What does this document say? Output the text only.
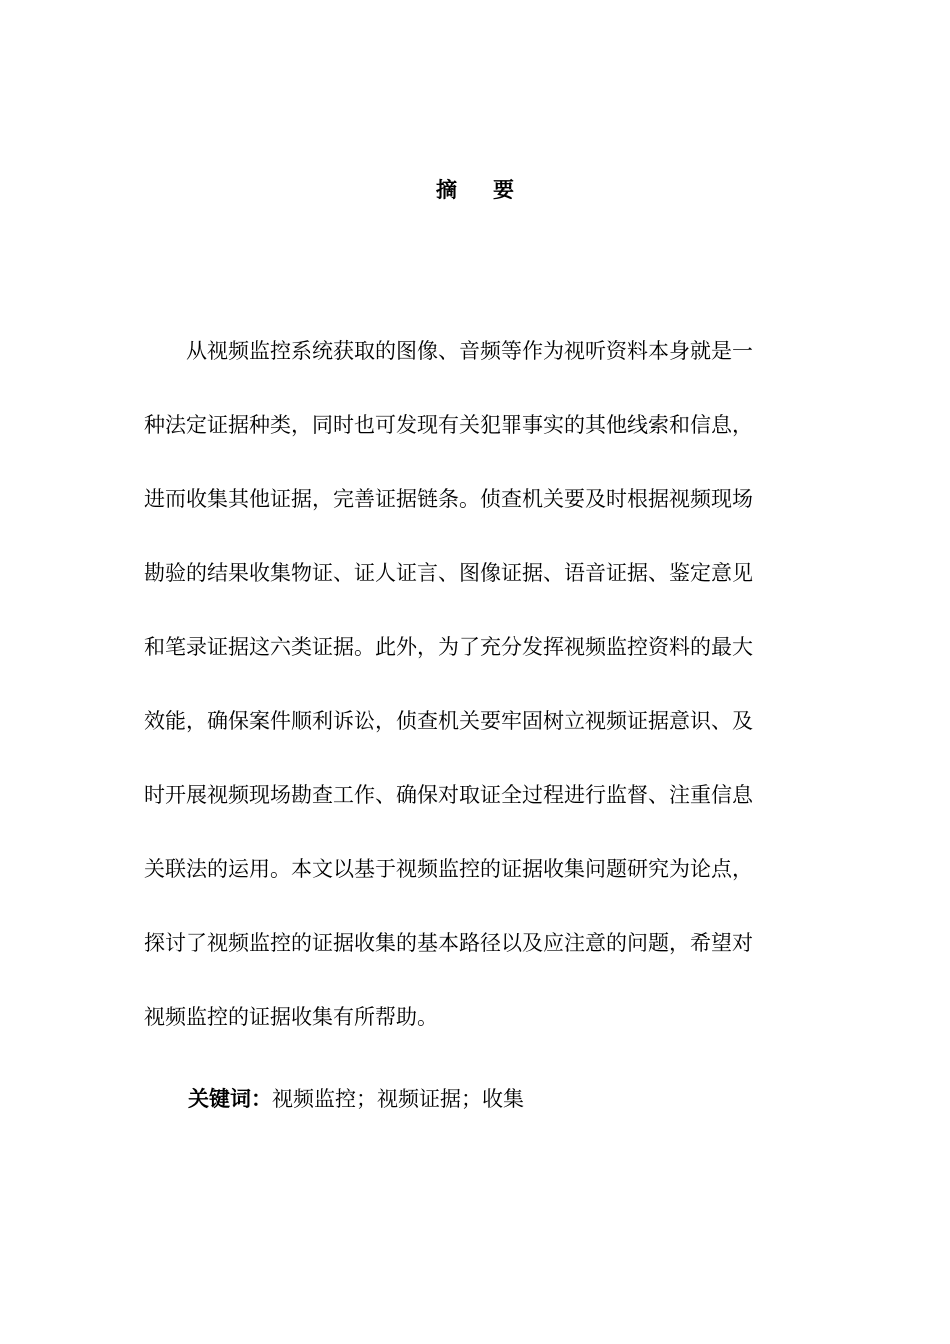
摘 要
从视频监控系统获取的图像、音频等作为视听资料本身就是一
种法定证据种类，同时也可发现有关犯罪事实的其他线索和信息，
进而收集其他证据，完善证据链条。侦查机关要及时根据视频现场
勘验的结果收集物证、证人证言、图像证据、语音证据、鉴定意见
和笔录证据这六类证据。此外，为了充分发挥视频监控资料的最大
效能，确保案件顺利诉讼，侦查机关要牢固树立视频证据意识、及
时开展视频现场勘查工作、确保对取证全过程进行监督、注重信息
关联法的运用。本文以基于视频监控的证据收集问题研究为论点，
探讨了视频监控的证据收集的基本路径以及应注意的问题，希望对
视频监控的证据收集有所帮助。
关键词：视频监控；视频证据；收集
